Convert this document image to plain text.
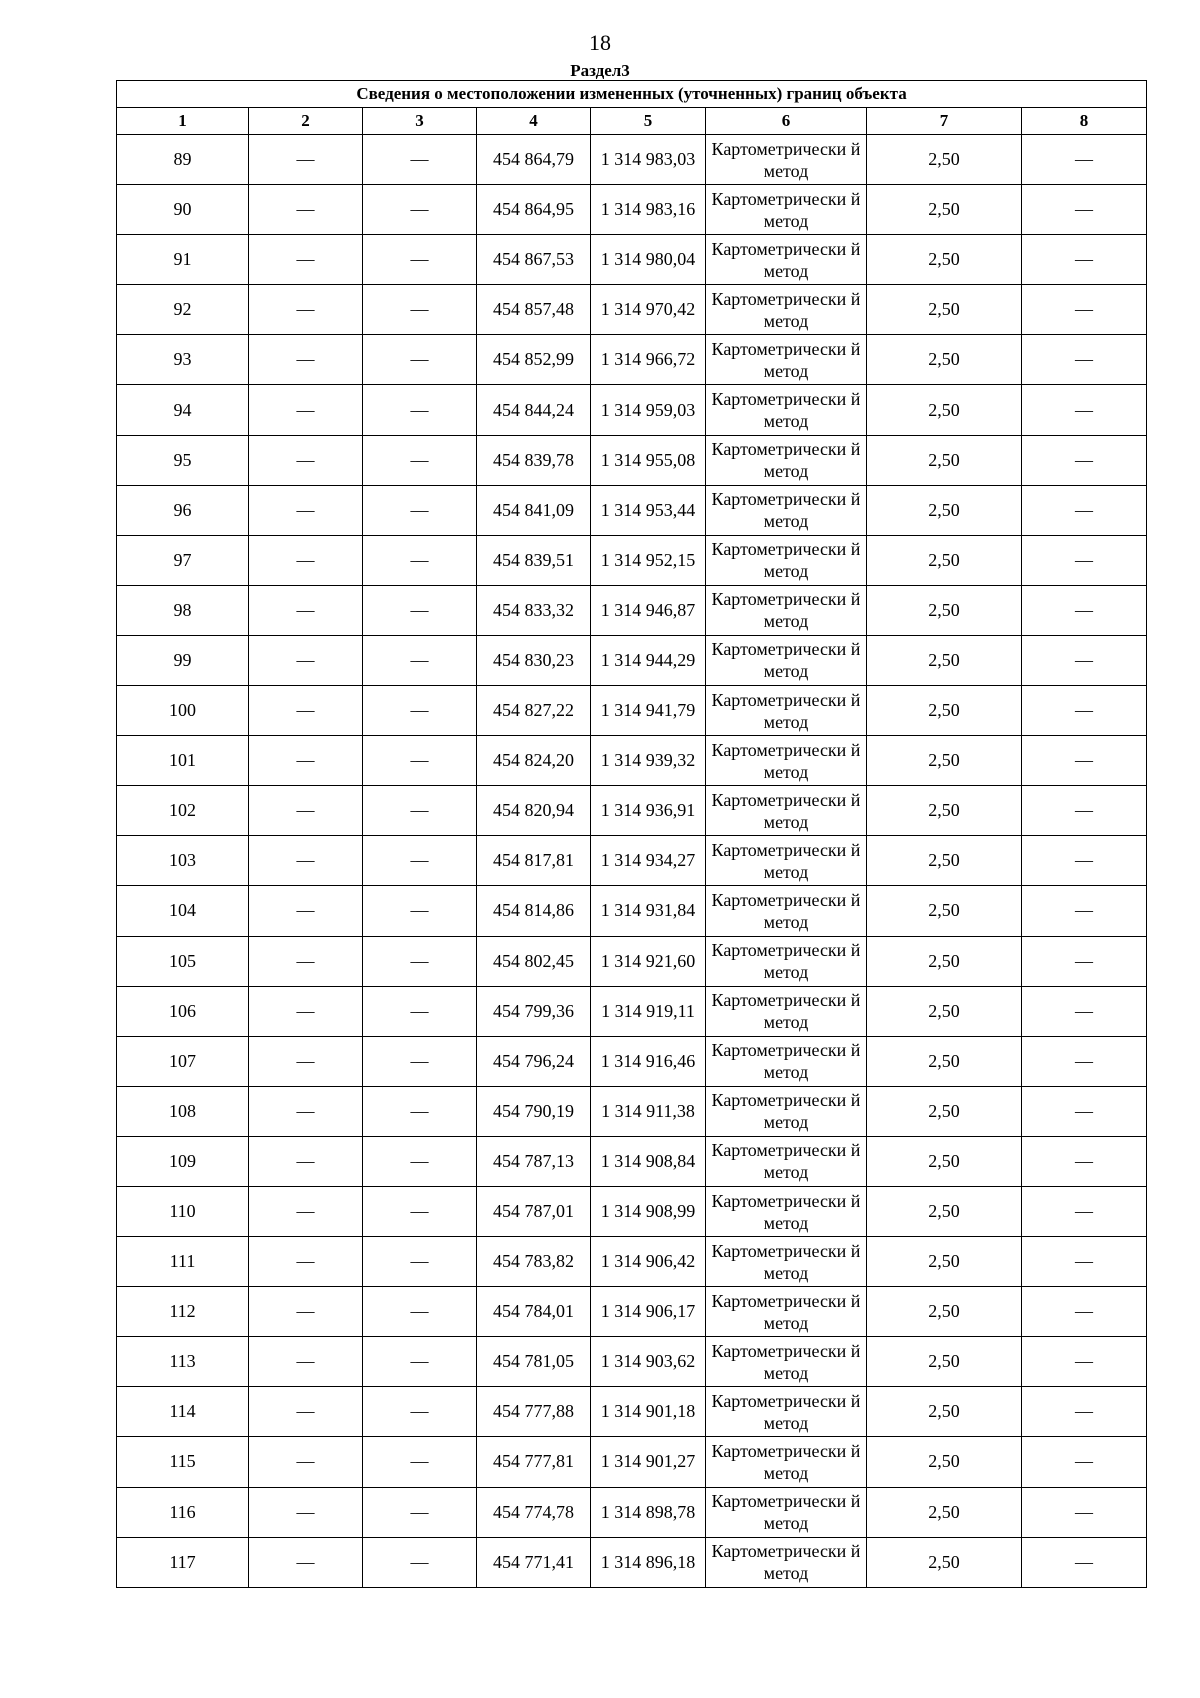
18
Раздел3
Сведения о местоположении измененных (уточненных) границ объекта							
1	2	3	4	5	6	7	8
89	—	—	454 864,79	1 314 983,03	Картометрически й метод	2,50	—
90	—	—	454 864,95	1 314 983,16	Картометрически й метод	2,50	—
91	—	—	454 867,53	1 314 980,04	Картометрически й метод	2,50	—
92	—	—	454 857,48	1 314 970,42	Картометрически й метод	2,50	—
93	—	—	454 852,99	1 314 966,72	Картометрически й метод	2,50	—
94	—	—	454 844,24	1 314 959,03	Картометрически й метод	2,50	—
95	—	—	454 839,78	1 314 955,08	Картометрически й метод	2,50	—
96	—	—	454 841,09	1 314 953,44	Картометрически й метод	2,50	—
97	—	—	454 839,51	1 314 952,15	Картометрически й метод	2,50	—
98	—	—	454 833,32	1 314 946,87	Картометрически й метод	2,50	—
99	—	—	454 830,23	1 314 944,29	Картометрически й метод	2,50	—
100	—	—	454 827,22	1 314 941,79	Картометрически й метод	2,50	—
101	—	—	454 824,20	1 314 939,32	Картометрически й метод	2,50	—
102	—	—	454 820,94	1 314 936,91	Картометрически й метод	2,50	—
103	—	—	454 817,81	1 314 934,27	Картометрически й метод	2,50	—
104	—	—	454 814,86	1 314 931,84	Картометрически й метод	2,50	—
105	—	—	454 802,45	1 314 921,60	Картометрически й метод	2,50	—
106	—	—	454 799,36	1 314 919,11	Картометрически й метод	2,50	—
107	—	—	454 796,24	1 314 916,46	Картометрически й метод	2,50	—
108	—	—	454 790,19	1 314 911,38	Картометрически й метод	2,50	—
109	—	—	454 787,13	1 314 908,84	Картометрически й метод	2,50	—
110	—	—	454 787,01	1 314 908,99	Картометрически й метод	2,50	—
111	—	—	454 783,82	1 314 906,42	Картометрически й метод	2,50	—
112	—	—	454 784,01	1 314 906,17	Картометрически й метод	2,50	—
113	—	—	454 781,05	1 314 903,62	Картометрически й метод	2,50	—
114	—	—	454 777,88	1 314 901,18	Картометрически й метод	2,50	—
115	—	—	454 777,81	1 314 901,27	Картометрически й метод	2,50	—
116	—	—	454 774,78	1 314 898,78	Картометрически й метод	2,50	—
117	—	—	454 771,41	1 314 896,18	Картометрически й метод	2,50	—
